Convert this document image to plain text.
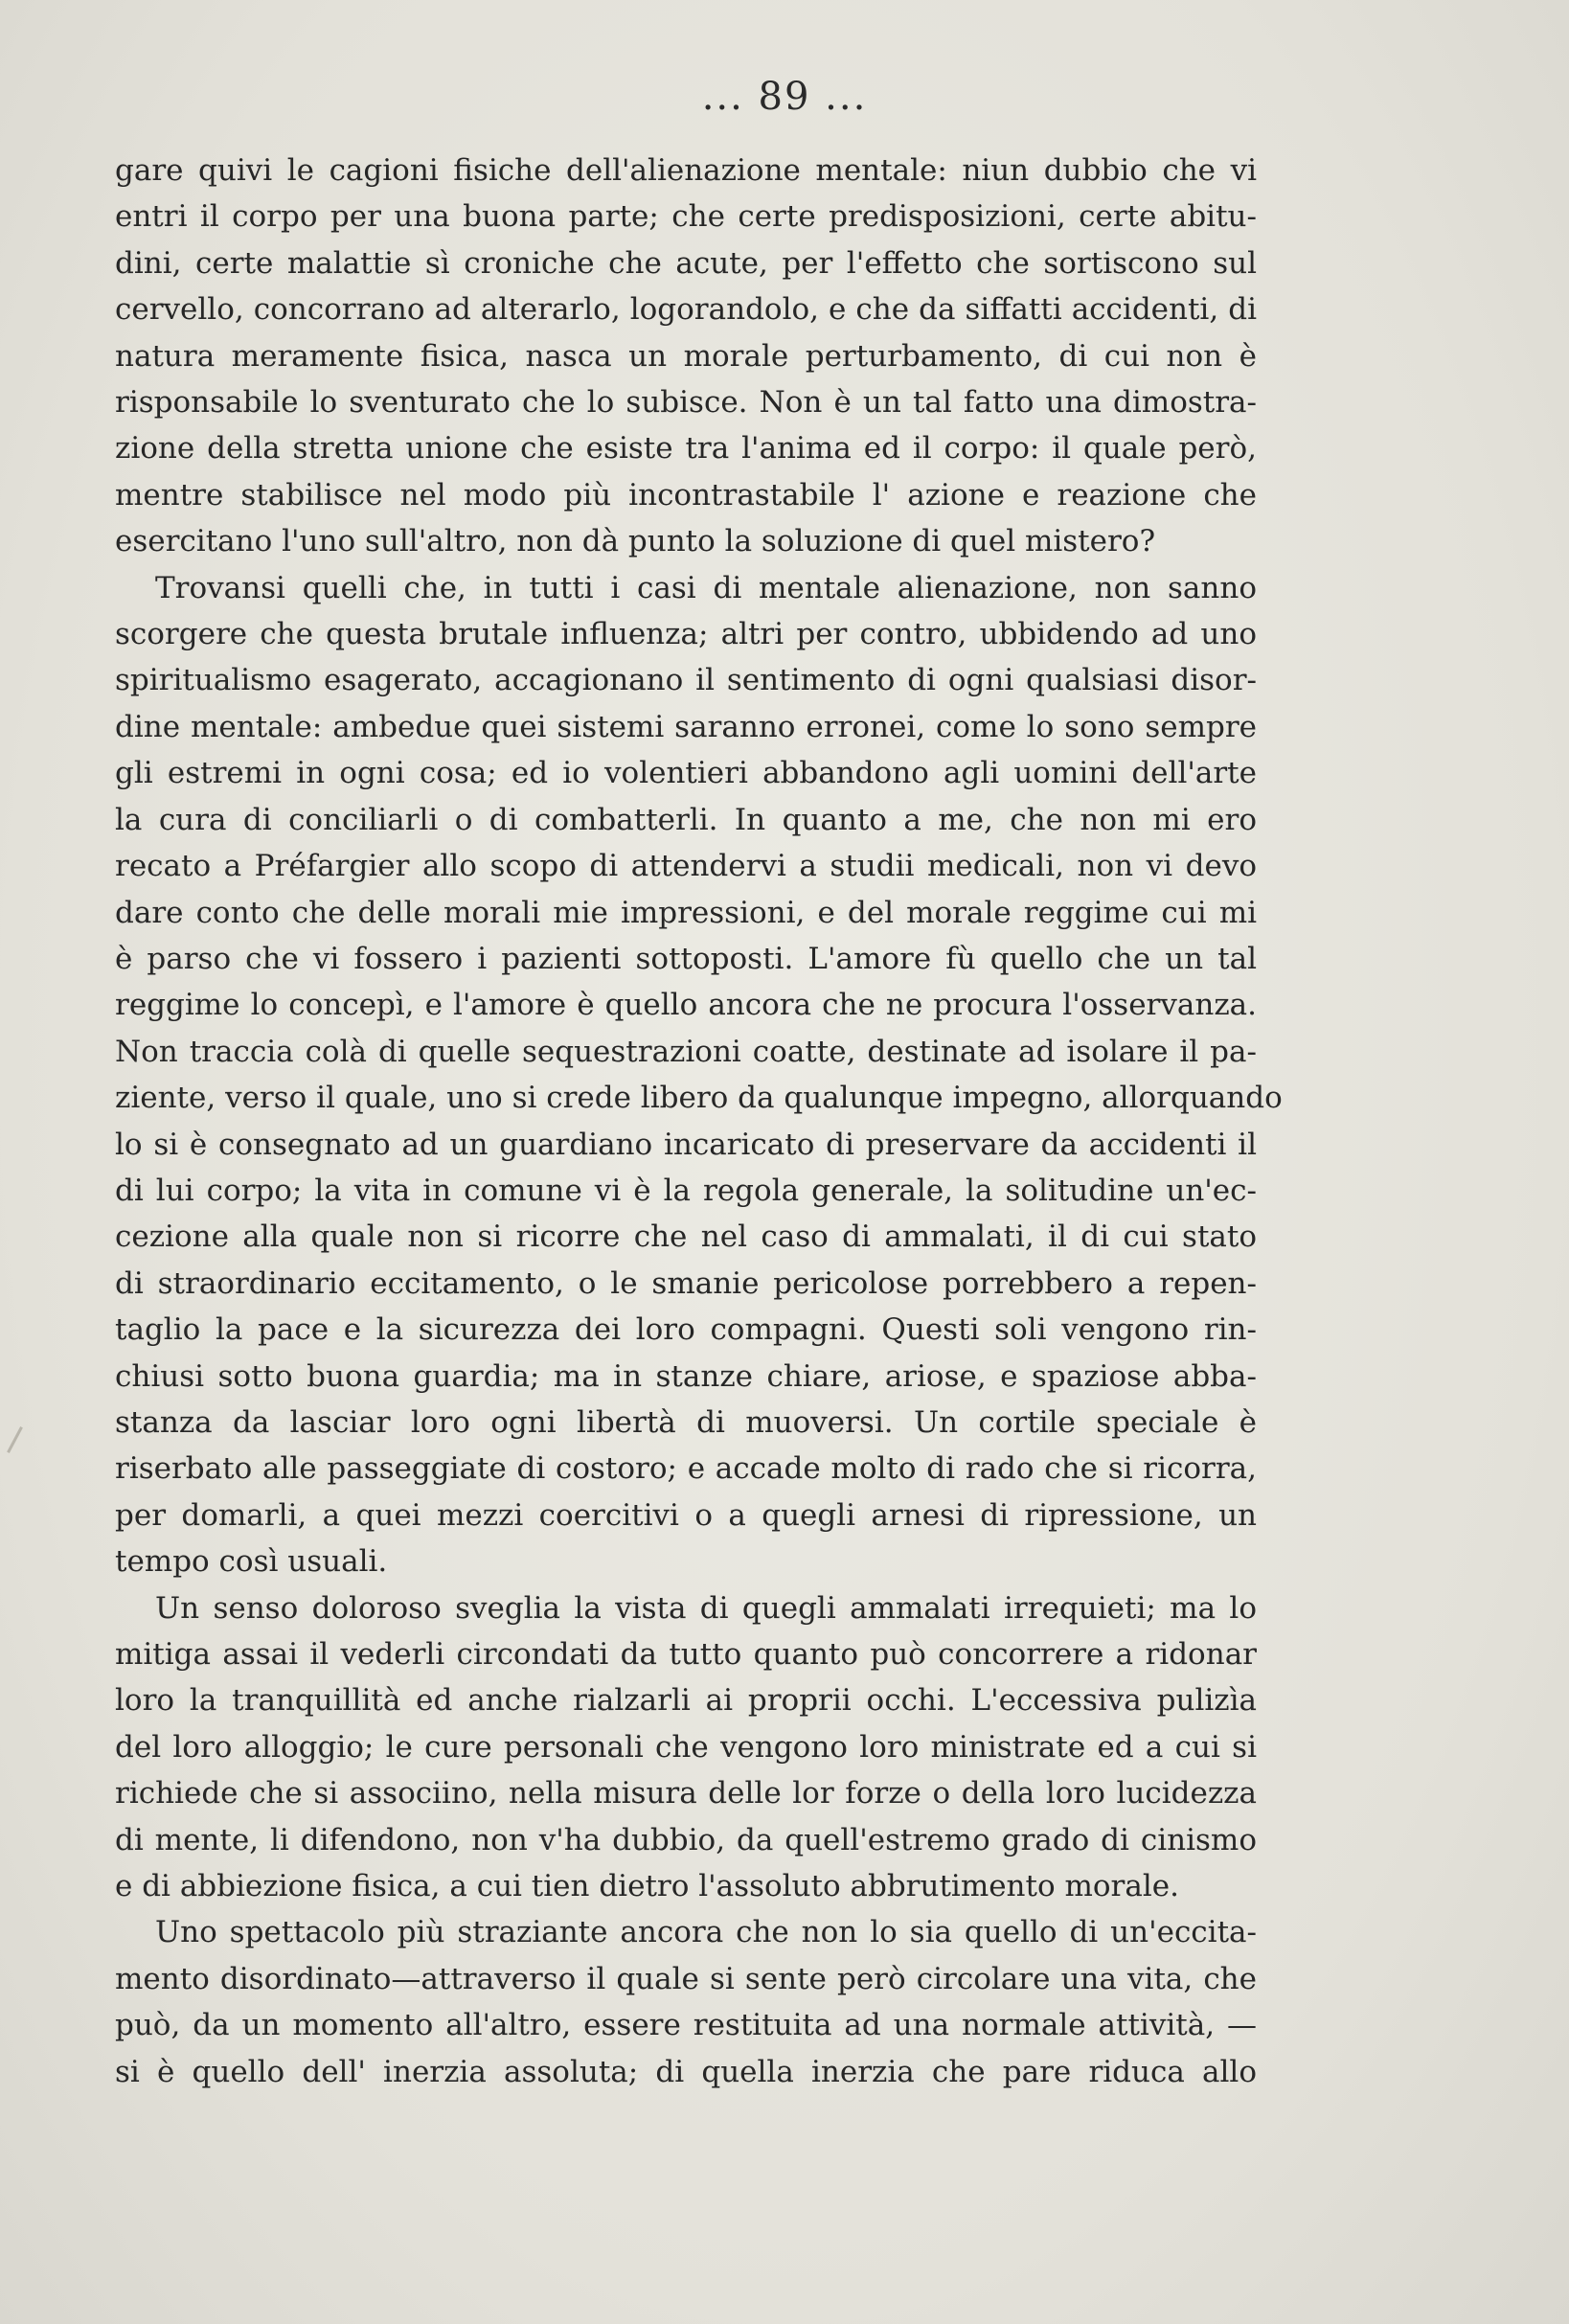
... 89 ...
gare quivi le cagioni fisiche dell'alienazione mentale: niun dubbio che vi
entri il corpo per una buona parte; che certe predisposizioni, certe abitu-
dini, certe malattie sì croniche che acute, per l'effetto che sortiscono sul
cervello, concorrano ad alterarlo, logorandolo, e che da siffatti accidenti, di
natura meramente fisica, nasca un morale perturbamento, di cui non è
risponsabile lo sventurato che lo subisce. Non è un tal fatto una dimostra-
zione della stretta unione che esiste tra l'anima ed il corpo: il quale però,
mentre stabilisce nel modo più incontrastabile l' azione e reazione che
esercitano l'uno sull'altro, non dà punto la soluzione di quel mistero?
Trovansi quelli che, in tutti i casi di mentale alienazione, non sanno
scorgere che questa brutale influenza; altri per contro, ubbidendo ad uno
spiritualismo esagerato, accagionano il sentimento di ogni qualsiasi disor-
dine mentale: ambedue quei sistemi saranno erronei, come lo sono sempre
gli estremi in ogni cosa; ed io volentieri abbandono agli uomini dell'arte
la cura di conciliarli o di combatterli. In quanto a me, che non mi ero
recato a Préfargier allo scopo di attendervi a studii medicali, non vi devo
dare conto che delle morali mie impressioni, e del morale reggime cui mi
è parso che vi fossero i pazienti sottoposti. L'amore fù quello che un tal
reggime lo concepì, e l'amore è quello ancora che ne procura l'osservanza.
Non traccia colà di quelle sequestrazioni coatte, destinate ad isolare il pa-
ziente, verso il quale, uno si crede libero da qualunque impegno, allorquando
lo si è consegnato ad un guardiano incaricato di preservare da accidenti il
di lui corpo; la vita in comune vi è la regola generale, la solitudine un'ec-
cezione alla quale non si ricorre che nel caso di ammalati, il di cui stato
di straordinario eccitamento, o le smanie pericolose porrebbero a repen-
taglio la pace e la sicurezza dei loro compagni. Questi soli vengono rin-
chiusi sotto buona guardia; ma in stanze chiare, ariose, e spaziose abba-
stanza da lasciar loro ogni libertà di muoversi. Un cortile speciale è
riserbato alle passeggiate di costoro; e accade molto di rado che si ricorra,
per domarli, a quei mezzi coercitivi o a quegli arnesi di ripressione, un
tempo così usuali.
Un senso doloroso sveglia la vista di quegli ammalati irrequieti; ma lo
mitiga assai il vederli circondati da tutto quanto può concorrere a ridonar
loro la tranquillità ed anche rialzarli ai proprii occhi. L'eccessiva pulizìa
del loro alloggio; le cure personali che vengono loro ministrate ed a cui si
richiede che si associino, nella misura delle lor forze o della loro lucidezza
di mente, li difendono, non v'ha dubbio, da quell'estremo grado di cinismo
e di abbiezione fisica, a cui tien dietro l'assoluto abbrutimento morale.
Uno spettacolo più straziante ancora che non lo sia quello di un'eccita-
mento disordinato—attraverso il quale si sente però circolare una vita, che
può, da un momento all'altro, essere restituita ad una normale attività, —
si è quello dell' inerzia assoluta; di quella inerzia che pare riduca allo
